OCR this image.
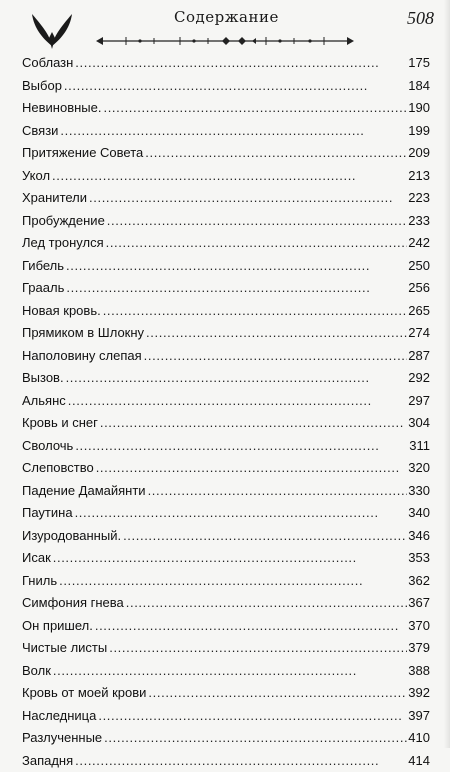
Содержание	508
Соблазн . . .	175
Выбор . . .	184
Невиновные. . . .	190
Связи . . .	199
Притяжение Совета . . .	209
Укол . . .	213
Хранители . . .	223
Пробуждение . . .	233
Лед тронулся . . .	242
Гибель . . .	250
Грааль . . .	256
Новая кровь. . . .	265
Прямиком в Шлокну . . .	274
Наполовину слепая . . .	287
Вызов. . . .	292
Альянс . . .	297
Кровь и снег . . .	304
Сволочь . . .	311
Слеповство . . .	320
Падение Дамайянти . . .	330
Паутина . . .	340
Изуродованный. . . .	346
Исак . . .	353
Гниль . . .	362
Симфония гнева . . .	367
Он пришел. . . .	370
Чистые листы . . .	379
Волк . . .	388
Кровь от моей крови . . .	392
Наследница . . .	397
Разлученные . . .	410
Западня . . .	414
